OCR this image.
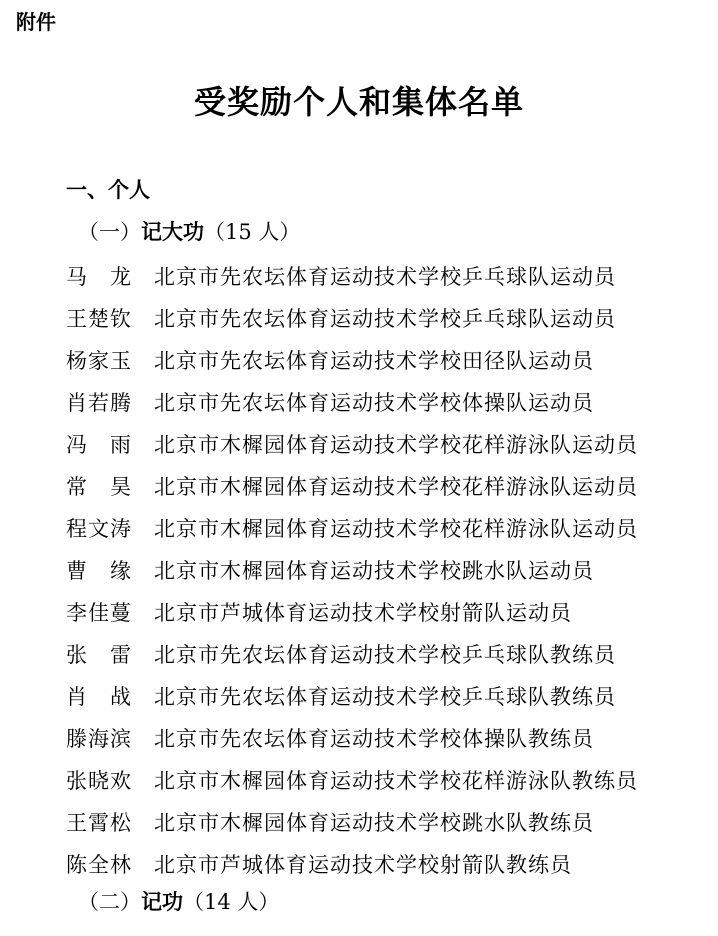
附件
受奖励个人和集体名单
一、个人
（一）记大功（15 人）
马　龙	北京市先农坛体育运动技术学校乒乓球队运动员
王楚钦	北京市先农坛体育运动技术学校乒乓球队运动员
杨家玉	北京市先农坛体育运动技术学校田径队运动员
肖若腾	北京市先农坛体育运动技术学校体操队运动员
冯　雨	北京市木樨园体育运动技术学校花样游泳队运动员
常　昊	北京市木樨园体育运动技术学校花样游泳队运动员
程文涛	北京市木樨园体育运动技术学校花样游泳队运动员
曹　缘	北京市木樨园体育运动技术学校跳水队运动员
李佳蔓	北京市芦城体育运动技术学校射箭队运动员
张　雷	北京市先农坛体育运动技术学校乒乓球队教练员
肖　战	北京市先农坛体育运动技术学校乒乓球队教练员
滕海滨	北京市先农坛体育运动技术学校体操队教练员
张晓欢	北京市木樨园体育运动技术学校花样游泳队教练员
王霄松	北京市木樨园体育运动技术学校跳水队教练员
陈全林	北京市芦城体育运动技术学校射箭队教练员
（二）记功（14 人）
